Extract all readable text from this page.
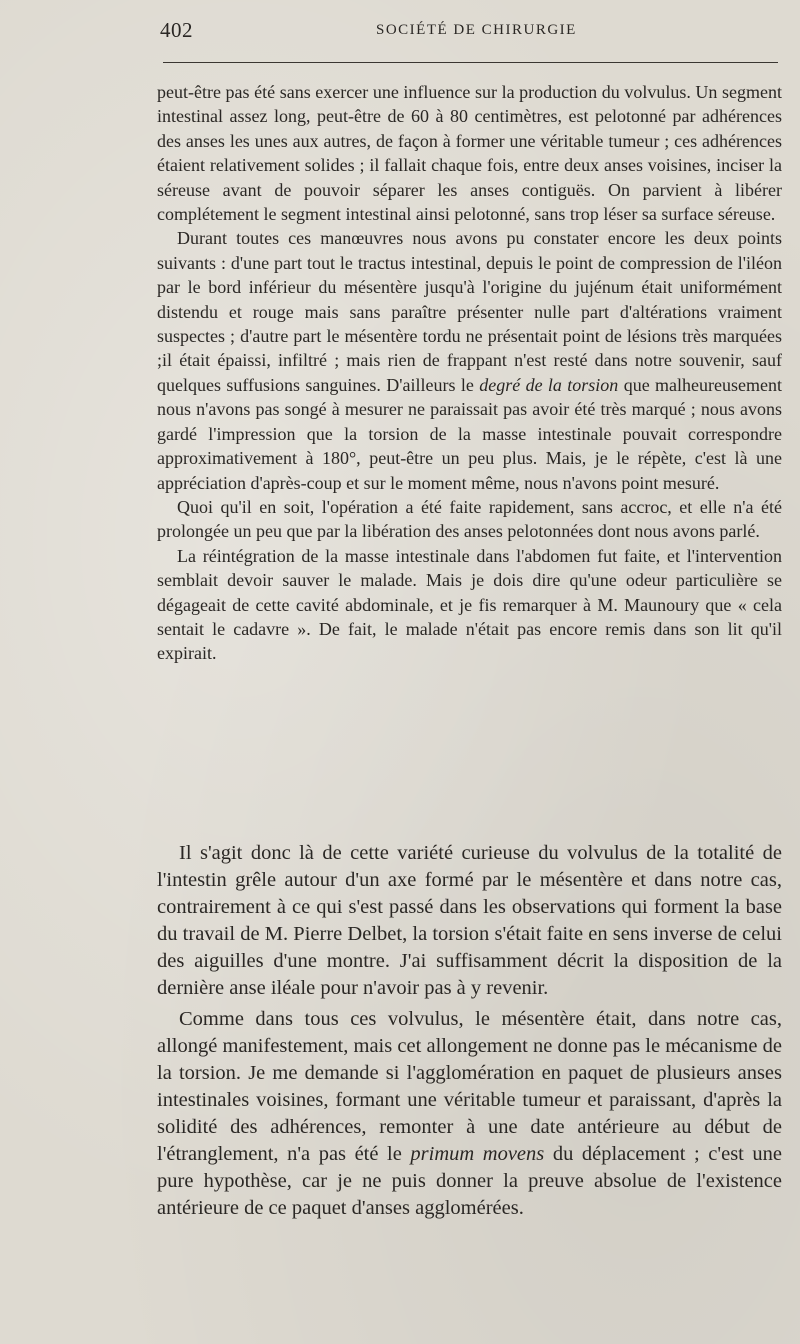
402	SOCIÉTÉ DE CHIRURGIE

peut-être pas été sans exercer une influence sur la production du volvulus. Un segment intestinal assez long, peut-être de 60 à 80 centimètres, est pelotonné par adhérences des anses les unes aux autres, de façon à former une véritable tumeur ; ces adhérences étaient relativement solides ; il fallait chaque fois, entre deux anses voisines, inciser la séreuse avant de pouvoir séparer les anses contiguës. On parvient à libérer complétement le segment intestinal ainsi pelotonné, sans trop léser sa surface séreuse.

Durant toutes ces manœuvres nous avons pu constater encore les deux points suivants : d'une part tout le tractus intestinal, depuis le point de compression de l'iléon par le bord inférieur du mésentère jusqu'à l'origine du jujénum était uniformément distendu et rouge mais sans paraître présenter nulle part d'altérations vraiment suspectes ; d'autre part le mésentère tordu ne présentait point de lésions très marquées ;il était épaissi, infiltré ; mais rien de frappant n'est resté dans notre souvenir, sauf quelques suffusions sanguines. D'ailleurs le degré de la torsion que malheureusement nous n'avons pas songé à mesurer ne paraissait pas avoir été très marqué ; nous avons gardé l'impression que la torsion de la masse intestinale pouvait correspondre approximativement à 180°, peut-être un peu plus. Mais, je le répète, c'est là une appréciation d'après-coup et sur le moment même, nous n'avons point mesuré.

Quoi qu'il en soit, l'opération a été faite rapidement, sans accroc, et elle n'a été prolongée un peu que par la libération des anses pelotonnées dont nous avons parlé.

La réintégration de la masse intestinale dans l'abdomen fut faite, et l'intervention semblait devoir sauver le malade. Mais je dois dire qu'une odeur particulière se dégageait de cette cavité abdominale, et je fis remarquer à M. Maunoury que « cela sentait le cadavre ». De fait, le malade n'était pas encore remis dans son lit qu'il expirait.

Il s'agit donc là de cette variété curieuse du volvulus de la totalité de l'intestin grêle autour d'un axe formé par le mésentère et dans notre cas, contrairement à ce qui s'est passé dans les observations qui forment la base du travail de M. Pierre Delbet, la torsion s'était faite en sens inverse de celui des aiguilles d'une montre. J'ai suffisamment décrit la disposition de la dernière anse iléale pour n'avoir pas à y revenir.

Comme dans tous ces volvulus, le mésentère était, dans notre cas, allongé manifestement, mais cet allongement ne donne pas le mécanisme de la torsion. Je me demande si l'agglomération en paquet de plusieurs anses intestinales voisines, formant une véritable tumeur et paraissant, d'après la solidité des adhérences, remonter à une date antérieure au début de l'étranglement, n'a pas été le primum movens du déplacement ; c'est une pure hypothèse, car je ne puis donner la preuve absolue de l'existence antérieure de ce paquet d'anses agglomérées.
